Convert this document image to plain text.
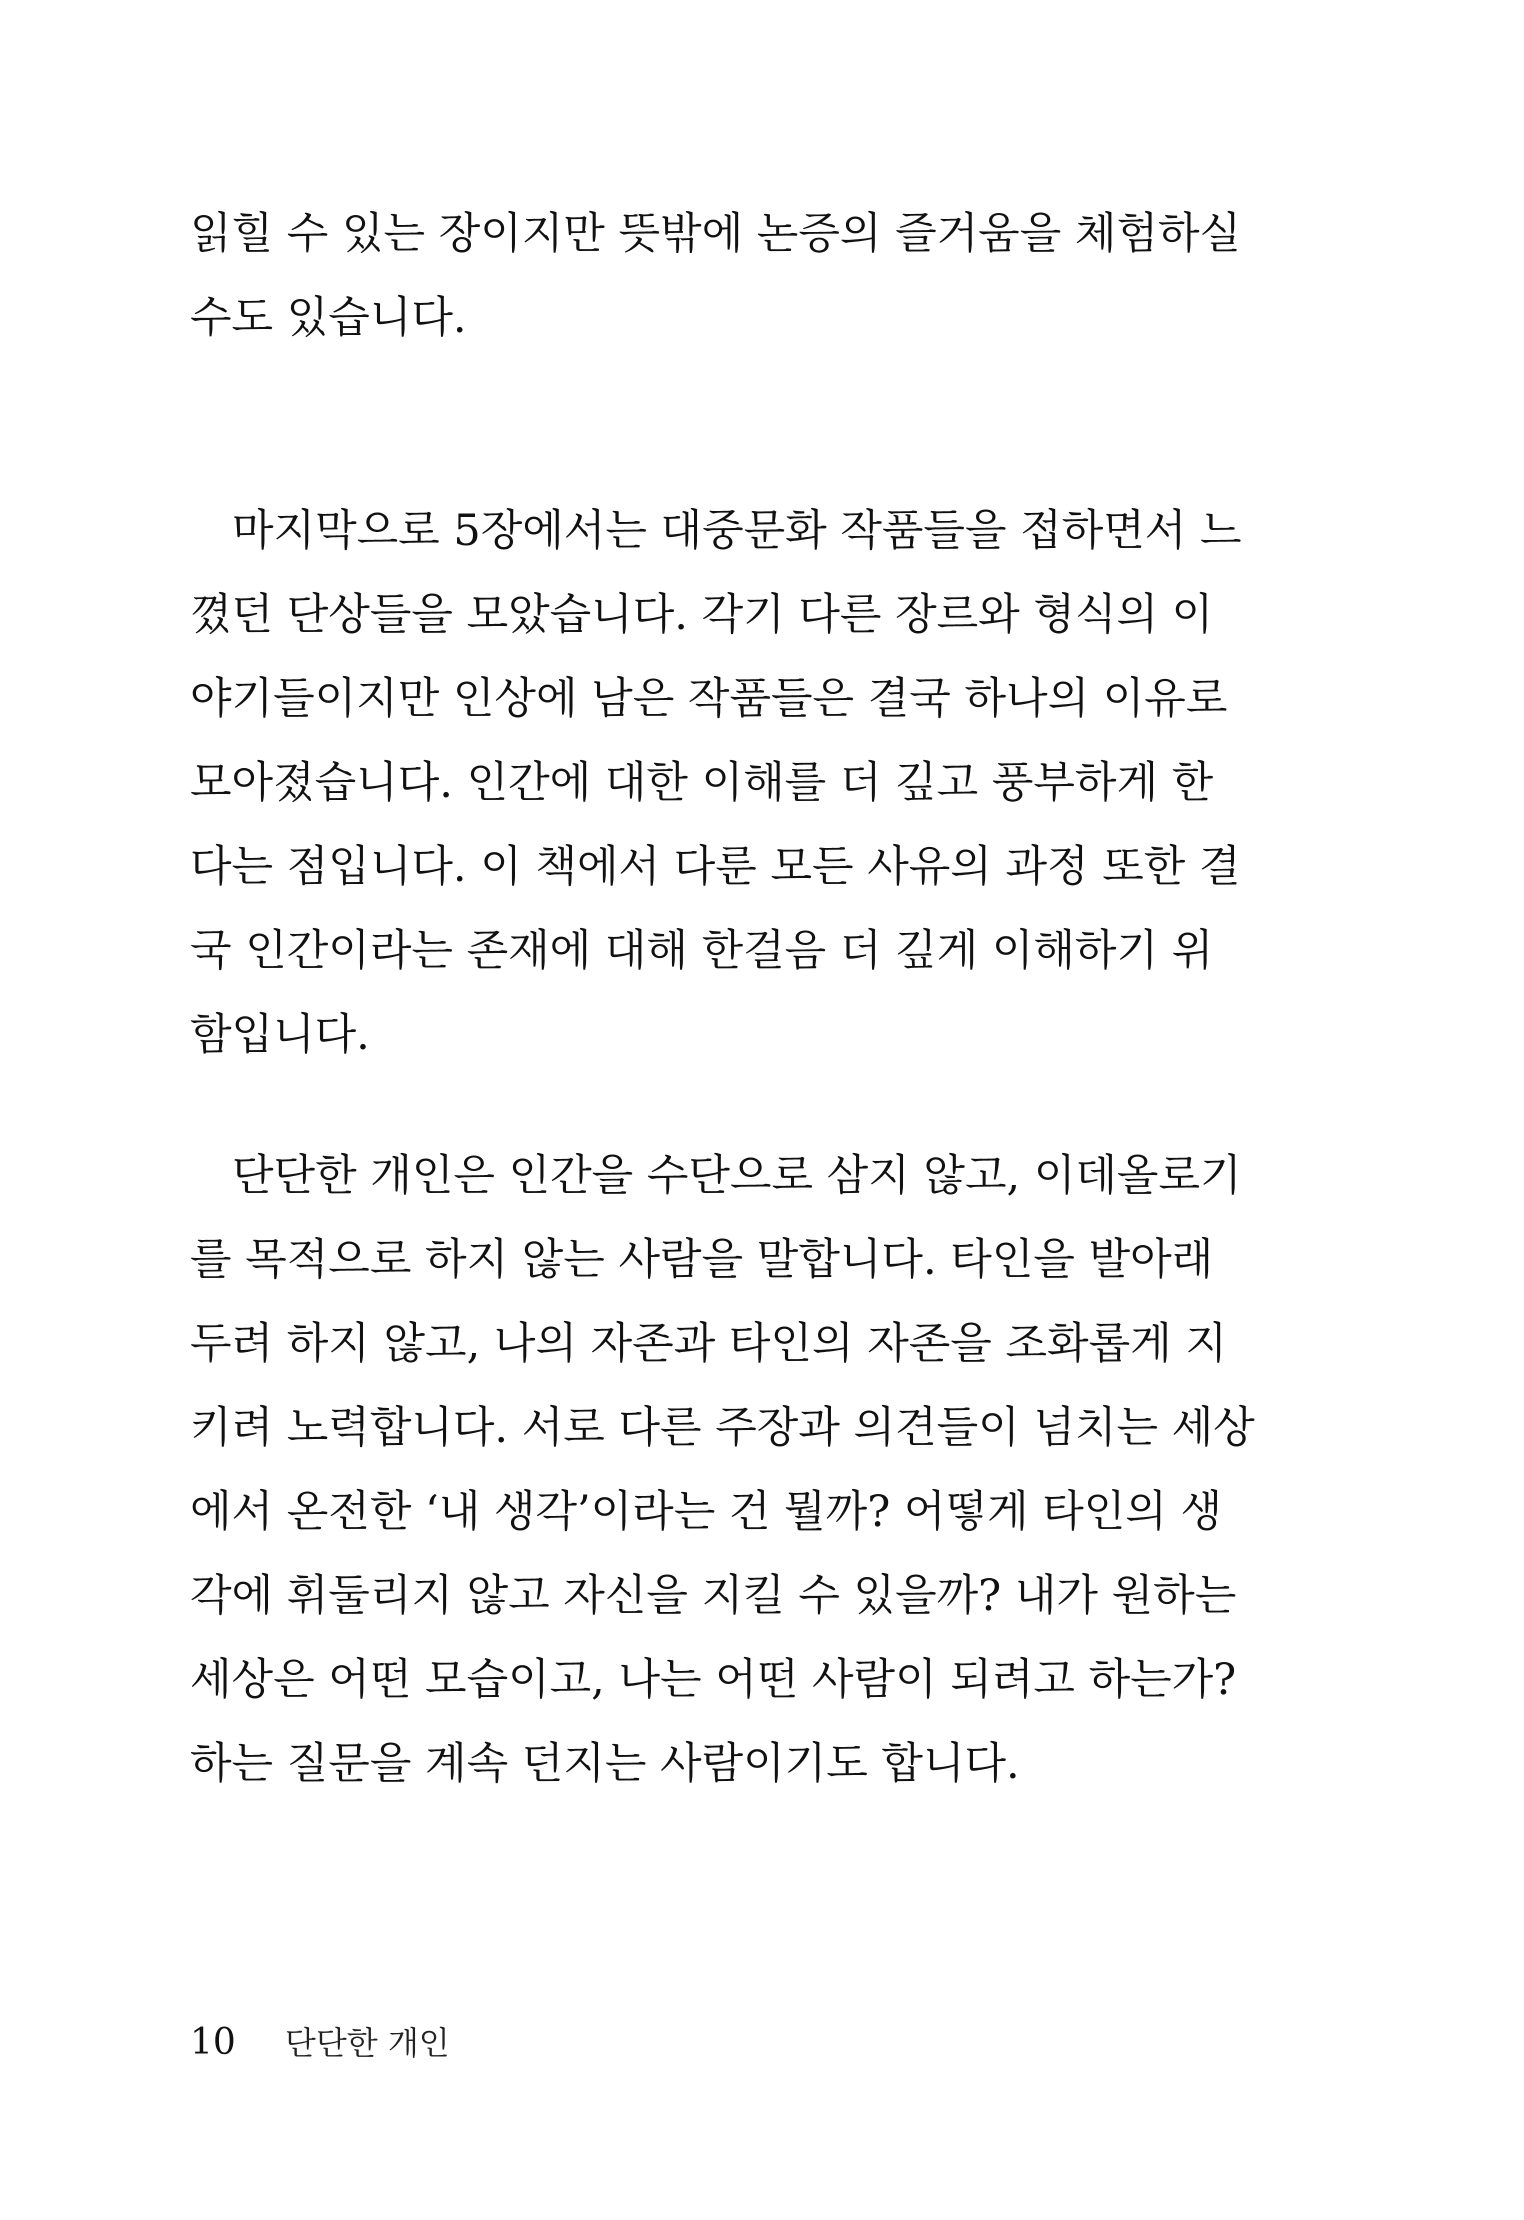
읽힐 수 있는 장이지만 뜻밖에 논증의 즐거움을 체험하실
수도 있습니다.
마지막으로 5장에서는 대중문화 작품들을 접하면서 느
꼈던 단상들을 모았습니다. 각기 다른 장르와 형식의 이
야기들이지만 인상에 남은 작품들은 결국 하나의 이유로
모아졌습니다. 인간에 대한 이해를 더 깊고 풍부하게 한
다는 점입니다. 이 책에서 다룬 모든 사유의 과정 또한 결
국 인간이라는 존재에 대해 한걸음 더 깊게 이해하기 위
함입니다.
단단한 개인은 인간을 수단으로 삼지 않고, 이데올로기
를 목적으로 하지 않는 사람을 말합니다. 타인을 발아래
두려 하지 않고, 나의 자존과 타인의 자존을 조화롭게 지
키려 노력합니다. 서로 다른 주장과 의견들이 넘치는 세상
에서 온전한 ‘내 생각’이라는 건 뭘까? 어떻게 타인의 생
각에 휘둘리지 않고 자신을 지킬 수 있을까? 내가 원하는
세상은 어떤 모습이고, 나는 어떤 사람이 되려고 하는가?
하는 질문을 계속 던지는 사람이기도 합니다.
10 단단한 개인
